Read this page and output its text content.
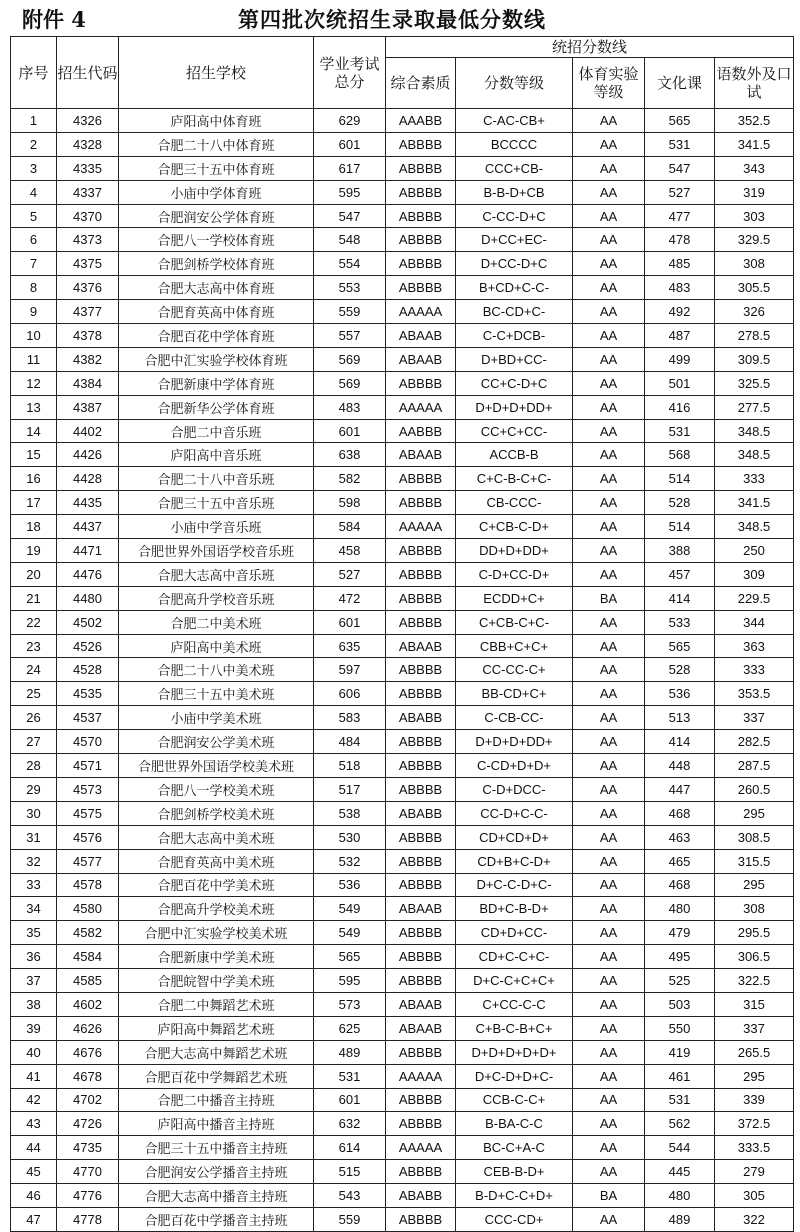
附件 4	第四批次统招生录取最低分数线
序号	招生代码	招生学校	学业考试总分	统招分数线				
				综合素质	分数等级	体育实验等级	文化课	语数外及口试
1	4326	庐阳高中体育班	629	AAABB	C-AC-CB+	AA	565	352.5
2	4328	合肥二十八中体育班	601	ABBBB	BCCCC	AA	531	341.5
3	4335	合肥三十五中体育班	617	ABBBB	CCC+CB-	AA	547	343
4	4337	小庙中学体育班	595	ABBBB	B-B-D+CB	AA	527	319
5	4370	合肥润安公学体育班	547	ABBBB	C-CC-D+C	AA	477	303
6	4373	合肥八一学校体育班	548	ABBBB	D+CC+EC-	AA	478	329.5
7	4375	合肥剑桥学校体育班	554	ABBBB	D+CC-D+C	AA	485	308
8	4376	合肥大志高中体育班	553	ABBBB	B+CD+C-C-	AA	483	305.5
9	4377	合肥育英高中体育班	559	AAAAA	BC-CD+C-	AA	492	326
10	4378	合肥百花中学体育班	557	ABAAB	C-C+DCB-	AA	487	278.5
11	4382	合肥中汇实验学校体育班	569	ABAAB	D+BD+CC-	AA	499	309.5
12	4384	合肥新康中学体育班	569	ABBBB	CC+C-D+C	AA	501	325.5
13	4387	合肥新华公学体育班	483	AAAAA	D+D+D+DD+	AA	416	277.5
14	4402	合肥二中音乐班	601	AABBB	CC+C+CC-	AA	531	348.5
15	4426	庐阳高中音乐班	638	ABAAB	ACCB-B	AA	568	348.5
16	4428	合肥二十八中音乐班	582	ABBBB	C+C-B-C+C-	AA	514	333
17	4435	合肥三十五中音乐班	598	ABBBB	CB-CCC-	AA	528	341.5
18	4437	小庙中学音乐班	584	AAAAA	C+CB-C-D+	AA	514	348.5
19	4471	合肥世界外国语学校音乐班	458	ABBBB	DD+D+DD+	AA	388	250
20	4476	合肥大志高中音乐班	527	ABBBB	C-D+CC-D+	AA	457	309
21	4480	合肥高升学校音乐班	472	ABBBB	ECDD+C+	BA	414	229.5
22	4502	合肥二中美术班	601	ABBBB	C+CB-C+C-	AA	533	344
23	4526	庐阳高中美术班	635	ABAAB	CBB+C+C+	AA	565	363
24	4528	合肥二十八中美术班	597	ABBBB	CC-CC-C+	AA	528	333
25	4535	合肥三十五中美术班	606	ABBBB	BB-CD+C+	AA	536	353.5
26	4537	小庙中学美术班	583	ABABB	C-CB-CC-	AA	513	337
27	4570	合肥润安公学美术班	484	ABBBB	D+D+D+DD+	AA	414	282.5
28	4571	合肥世界外国语学校美术班	518	ABBBB	C-CD+D+D+	AA	448	287.5
29	4573	合肥八一学校美术班	517	ABBBB	C-D+DCC-	AA	447	260.5
30	4575	合肥剑桥学校美术班	538	ABABB	CC-D+C-C-	AA	468	295
31	4576	合肥大志高中美术班	530	ABBBB	CD+CD+D+	AA	463	308.5
32	4577	合肥育英高中美术班	532	ABBBB	CD+B+C-D+	AA	465	315.5
33	4578	合肥百花中学美术班	536	ABBBB	D+C-C-D+C-	AA	468	295
34	4580	合肥高升学校美术班	549	ABAAB	BD+C-B-D+	AA	480	308
35	4582	合肥中汇实验学校美术班	549	ABBBB	CD+D+CC-	AA	479	295.5
36	4584	合肥新康中学美术班	565	ABBBB	CD+C-C+C-	AA	495	306.5
37	4585	合肥皖智中学美术班	595	ABBBB	D+C-C+C+C+	AA	525	322.5
38	4602	合肥二中舞蹈艺术班	573	ABAAB	C+CC-C-C	AA	503	315
39	4626	庐阳高中舞蹈艺术班	625	ABAAB	C+B-C-B+C+	AA	550	337
40	4676	合肥大志高中舞蹈艺术班	489	ABBBB	D+D+D+D+D+	AA	419	265.5
41	4678	合肥百花中学舞蹈艺术班	531	AAAAA	D+C-D+D+C-	AA	461	295
42	4702	合肥二中播音主持班	601	ABBBB	CCB-C-C+	AA	531	339
43	4726	庐阳高中播音主持班	632	ABBBB	B-BA-C-C	AA	562	372.5
44	4735	合肥三十五中播音主持班	614	AAAAA	BC-C+A-C	AA	544	333.5
45	4770	合肥润安公学播音主持班	515	ABBBB	CEB-B-D+	AA	445	279
46	4776	合肥大志高中播音主持班	543	ABABB	B-D+C-C+D+	BA	480	305
47	4778	合肥百花中学播音主持班	559	ABBBB	CCC-CD+	AA	489	322
